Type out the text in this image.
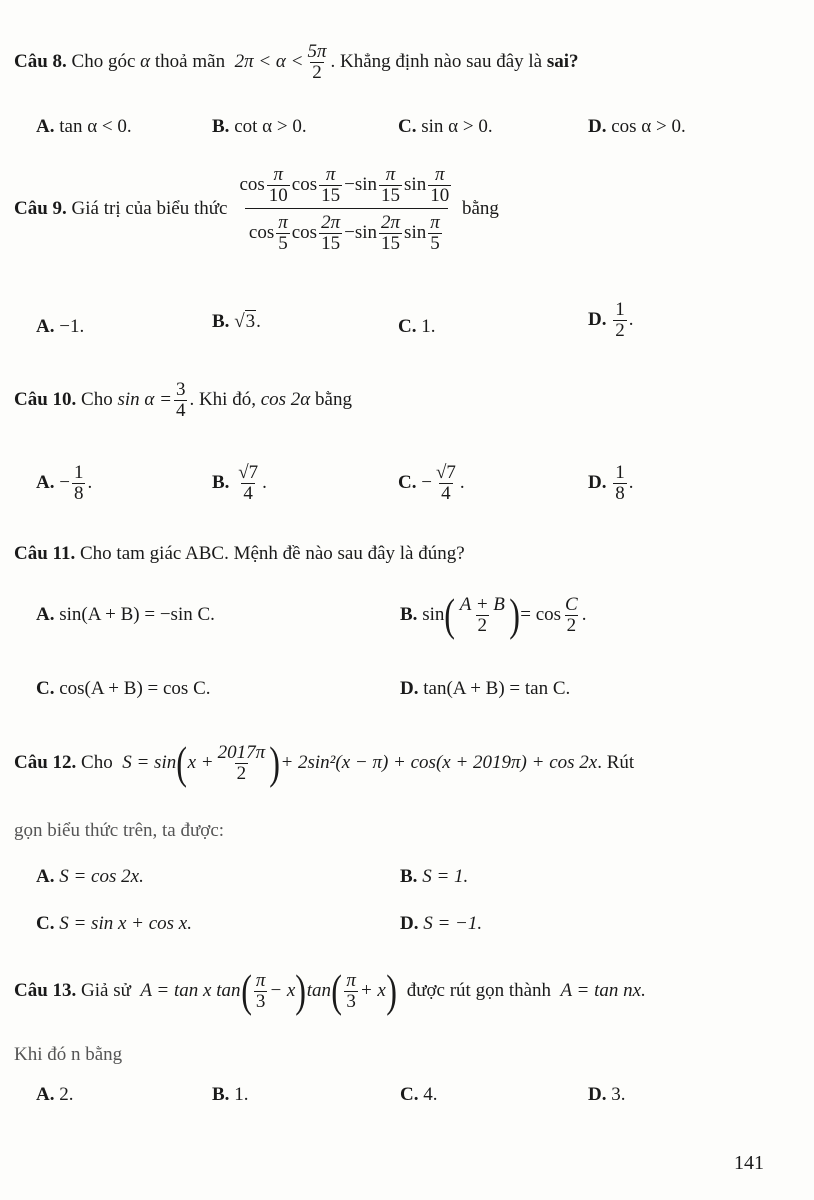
Câu 8.
Cho góc
α
thoả mãn
$2\pi < \alpha < \frac{5\pi}{2}$ . Khẳng định nào sau đây là
sai ?
A.
tan α < 0.	B.
cot α > 0.	C.
sin α > 0.	D.
cos α > 0.
Câu 9.
Giá trị của biểu thức
$\cos \frac{\pi}{10}$ $\cos \frac{\pi}{15} - \sin \frac{\pi}{15}$ $\sin \frac{\pi}{10}$
$\cos \frac{\pi}{5}$ $\cos \frac{2\pi}{15} - \sin \frac{2\pi}{15}$ $\sin \frac{\pi}{5}$

bằng
A.
−1.	B.
√ 3 .	C.
1.	D.
$\frac{1}{2}$ .
Câu 10.
Cho
$\sin \alpha = \frac{3}{4}$ . Khi đó,
cos 2α
bằng
A.
− $\frac{1}{8}$ .	B.
$\frac{√7}{4}$ .	C.
− $\frac{√7}{4}$ .	D.
$\frac{1}{8}$ .
Câu 11.
Cho tam giác ABC. Mệnh đề nào sau đây là đúng?
A.
sin(A + B) = −sin C.	B.
sin ( $\frac{A + B}{2}$ ) = $\cos \frac{C}{2}$ .
C.
cos(A + B) = cos C.	D.
tan(A + B) = tan C.
Câu 12.
Cho
S = sin ( $x + \frac{2017\pi}{2}$ ) + 2sin²(x − π) + cos(x + 2019π) + cos 2x . Rút
gọn biểu thức trên, ta được:
A.
S = cos 2x.	B.
S = 1.
C.
S = sin x + cos x.	D.
S = −1.
Câu 13.
Giả sử
A = tan x tan ( $\frac{\pi}{3} - x$ ) tan ( $\frac{\pi}{3} + x$ )
được rút gọn thành
A = tan nx.
Khi đó n bằng
A.
2.	B.
1.	C.
4.	D.
3.
141
